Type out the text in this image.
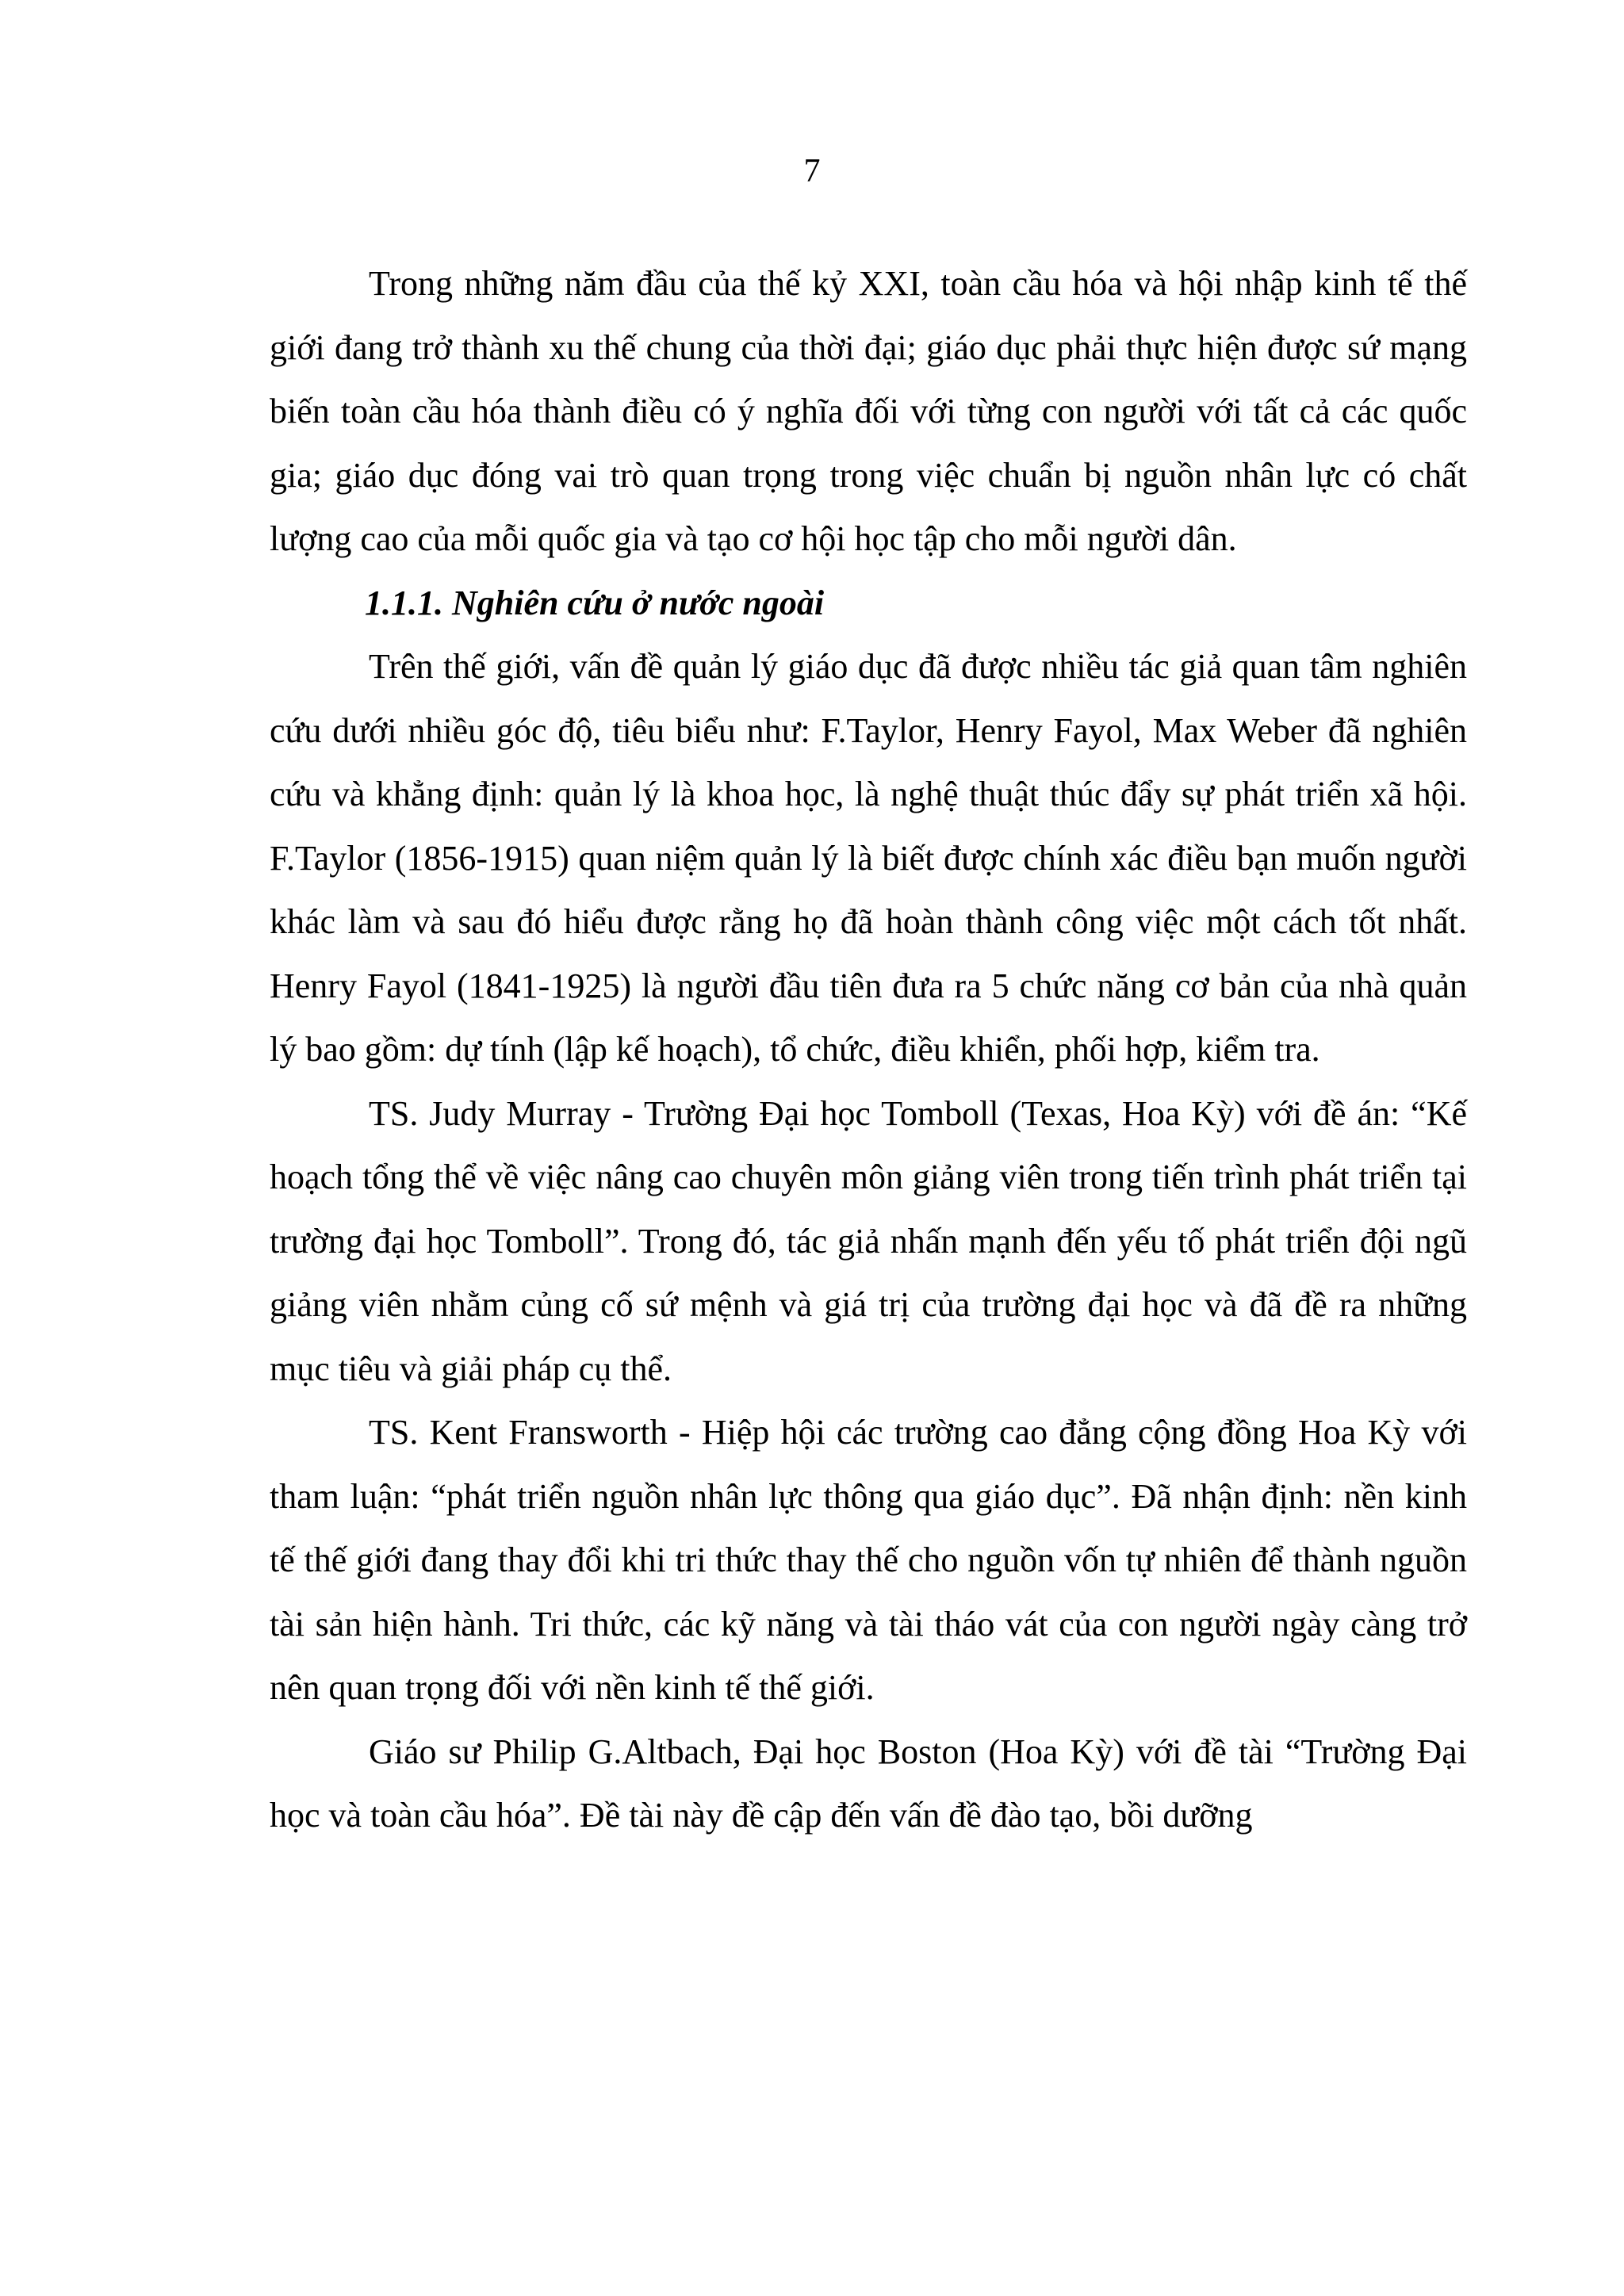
7

Trong những năm đầu của thế kỷ XXI, toàn cầu hóa và hội nhập kinh tế thế giới đang trở thành xu thế chung của thời đại; giáo dục phải thực hiện được sứ mạng biến toàn cầu hóa thành điều có ý nghĩa đối với từng con người với tất cả các quốc gia; giáo dục đóng vai trò quan trọng trong việc chuẩn bị nguồn nhân lực có chất lượng cao của mỗi quốc gia và tạo cơ hội học tập cho mỗi người dân.

1.1.1. Nghiên cứu ở nước ngoài

Trên thế giới, vấn đề quản lý giáo dục đã được nhiều tác giả quan tâm nghiên cứu dưới nhiều góc độ, tiêu biểu như: F.Taylor, Henry Fayol, Max Weber đã nghiên cứu và khẳng định: quản lý là khoa học, là nghệ thuật thúc đẩy sự phát triển xã hội. F.Taylor (1856-1915) quan niệm quản lý là biết được chính xác điều bạn muốn người khác làm và sau đó hiểu được rằng họ đã hoàn thành công việc một cách tốt nhất. Henry Fayol (1841-1925) là người đầu tiên đưa ra 5 chức năng cơ bản của nhà quản lý bao gồm: dự tính (lập kế hoạch), tổ chức, điều khiển, phối hợp, kiểm tra.

TS. Judy Murray - Trường Đại học Tomboll (Texas, Hoa Kỳ) với đề án: “Kế hoạch tổng thể về việc nâng cao chuyên môn giảng viên trong tiến trình phát triển tại trường đại học Tomboll”. Trong đó, tác giả nhấn mạnh đến yếu tố phát triển đội ngũ giảng viên nhằm củng cố sứ mệnh và giá trị của trường đại học và đã đề ra những mục tiêu và giải pháp cụ thể.

TS. Kent Fransworth - Hiệp hội các trường cao đẳng cộng đồng Hoa Kỳ với tham luận: “phát triển nguồn nhân lực thông qua giáo dục”. Đã nhận định: nền kinh tế thế giới đang thay đổi khi tri thức thay thế cho nguồn vốn tự nhiên để thành nguồn tài sản hiện hành. Tri thức, các kỹ năng và tài tháo vát của con người ngày càng trở nên quan trọng đối với nền kinh tế thế giới.

Giáo sư Philip G.Altbach, Đại học Boston (Hoa Kỳ) với đề tài “Trường Đại học và toàn cầu hóa”. Đề tài này đề cập đến vấn đề đào tạo, bồi dưỡng
